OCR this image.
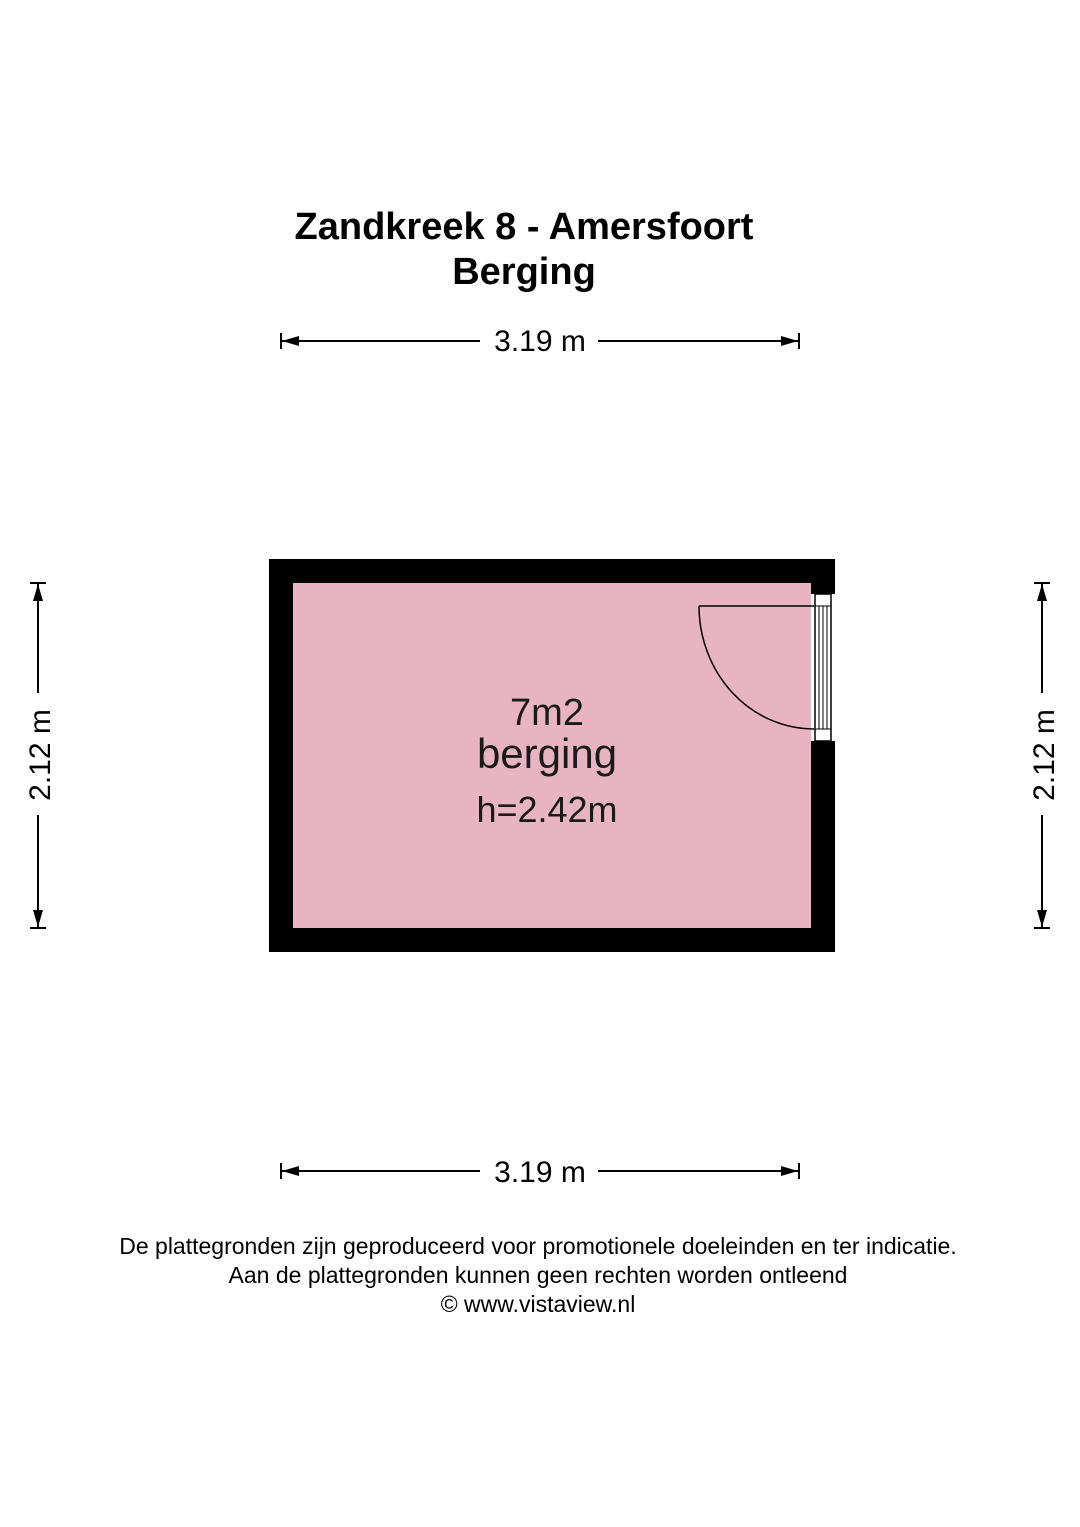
Zandkreek 8 - Amersfoort
Berging
3.19 m
3.19 m
2.12 m	2.12 m
7m2
berging
h=2.42m
De plattegronden zijn geproduceerd voor promotionele doeleinden en ter indicatie.
Aan de plattegronden kunnen geen rechten worden ontleend
© www.vistaview.nl
